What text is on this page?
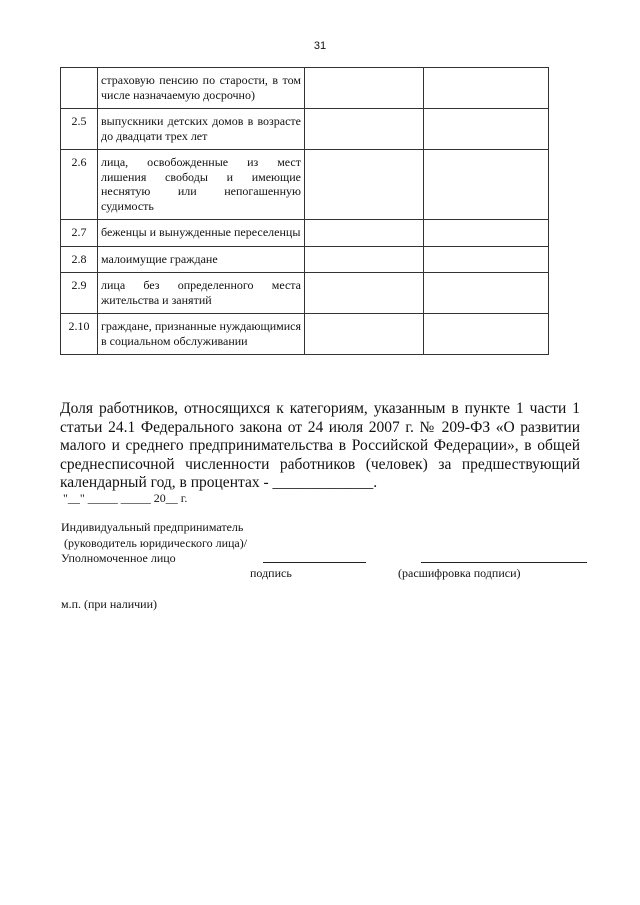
31
	страховую пенсию по старости, в том числе назначаемую досрочно)		
2.5	выпускники детских домов в возрасте до двадцати трех лет		
2.6	лица, освобожденные из мест лишения свободы и имеющие неснятую или непогашенную судимость		
2.7	беженцы и вынужденные переселенцы		
2.8	малоимущие граждане		
2.9	лица без определенного места жительства и занятий		
2.10	граждане, признанные нуждающимися в социальном обслуживании		
Доля работников, относящихся к категориям, указанным в пункте 1 части 1 статьи 24.1 Федерального закона от 24 июля 2007 г. № 209-ФЗ «О развитии малого и среднего предпринимательства в Российской Федерации», в общей среднесписочной численности работников (человек) за предшествующий календарный год, в процентах - _____________.
"__" _____ _____ 20__ г.
Индивидуальный предприниматель
(руководитель юридического лица)/
Уполномоченное лицо
подпись	(расшифровка подписи)
м.п. (при наличии)
